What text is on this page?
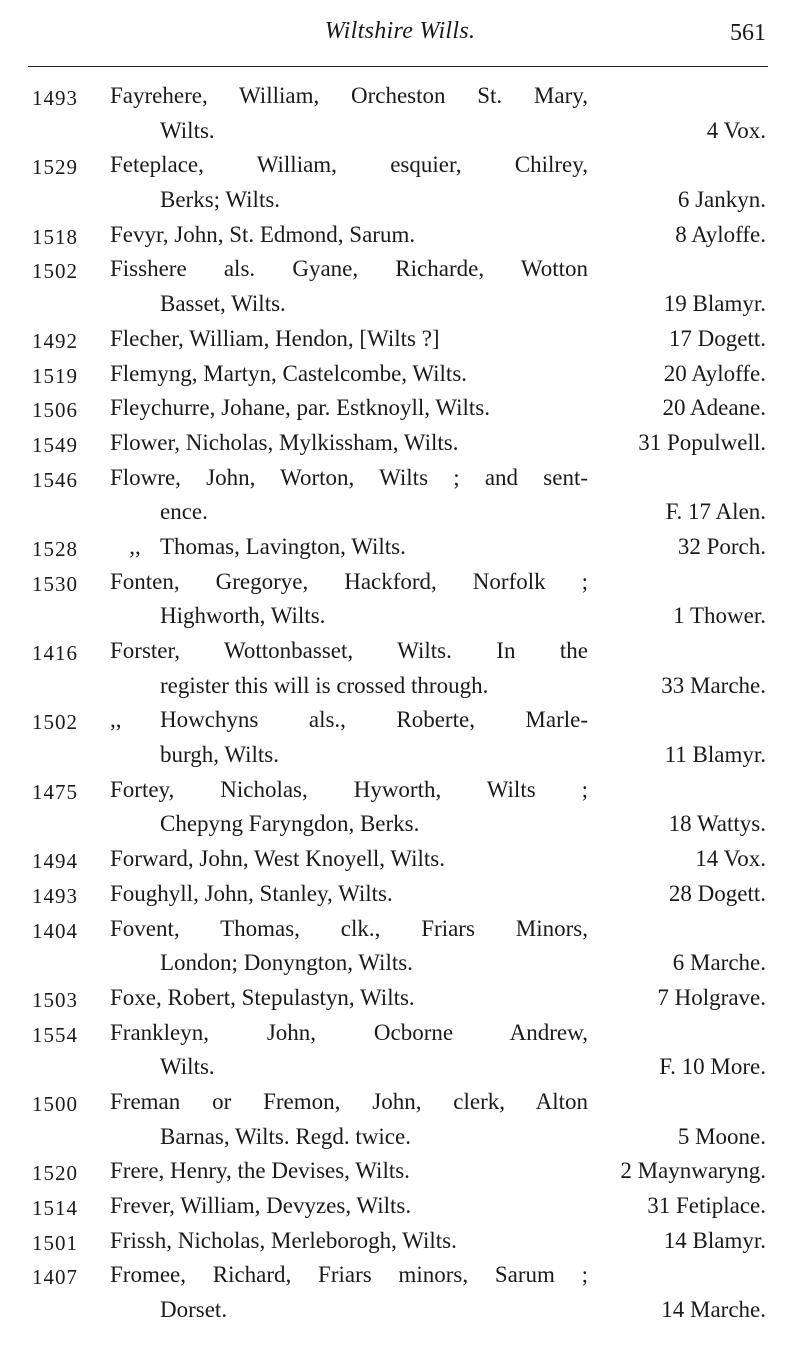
Wiltshire Wills.	561
1493 Fayrehere, William, Orcheston St. Mary,
Wilts.	4 Vox.
1529 Feteplace, William, esquier, Chilrey,
Berks; Wilts.	6 Jankyn.
1518 Fevyr, John, St. Edmond, Sarum.	8 Ayloffe.
1502 Fisshere als. Gyane, Richarde, Wotton
Basset, Wilts.	19 Blamyr.
1492 Flecher, William, Hendon, [Wilts ?]	17 Dogett.
1519 Flemyng, Martyn, Castelcombe, Wilts.	20 Ayloffe.
1506 Fleychurre, Johane, par. Estknoyll, Wilts.	20 Adeane.
1549 Flower, Nicholas, Mylkissham, Wilts.	31 Populwell.
1546 Flowre, John, Worton, Wilts ; and sent-
ence.	F. 17 Alen.
1528	,, Thomas, Lavington, Wilts.	32 Porch.
1530 Fonten, Gregorye, Hackford, Norfolk ;
Highworth, Wilts.	1 Thower.
1416 Forster, Wottonbasset, Wilts. In the
register this will is crossed through.	33 Marche.
1502 ,, Howchyns als., Roberte, Marle-
burgh, Wilts.	11 Blamyr.
1475 Fortey, Nicholas, Hyworth, Wilts ;
Chepyng Faryngdon, Berks.	18 Wattys.
1494 Forward, John, West Knoyell, Wilts.	14 Vox.
1493 Foughyll, John, Stanley, Wilts.	28 Dogett.
1404 Fovent, Thomas, clk., Friars Minors,
London; Donyngton, Wilts.	6 Marche.
1503 Foxe, Robert, Stepulastyn, Wilts.	7 Holgrave.
1554 Frankleyn, John, Ocborne Andrew,
Wilts.	F. 10 More.
1500 Freman or Fremon, John, clerk, Alton
Barnas, Wilts. Regd. twice.	5 Moone.
1520 Frere, Henry, the Devises, Wilts.	2 Maynwaryng.
1514 Frever, William, Devyzes, Wilts.	31 Fetiplace.
1501 Frissh, Nicholas, Merleborogh, Wilts.	14 Blamyr.
1407 Fromee, Richard, Friars minors, Sarum ;
Dorset.	14 Marche.
